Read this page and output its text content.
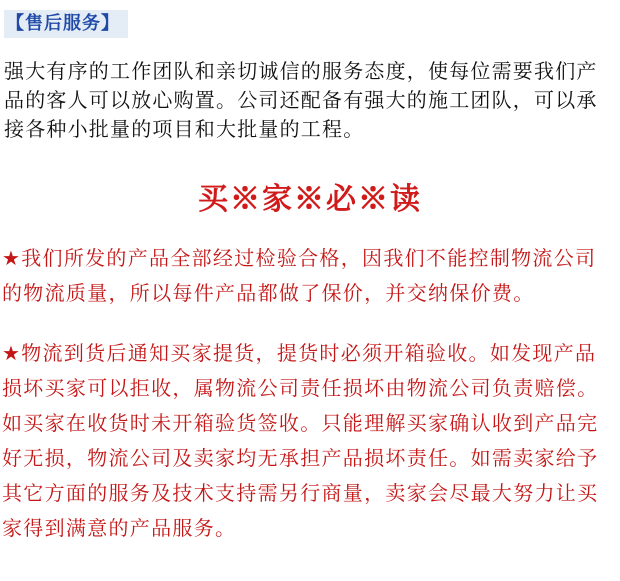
【售后服务】

强大有序的工作团队和亲切诚信的服务态度，使每位需要我们产品的客人可以放心购置。公司还配备有强大的施工团队，可以承接各种小批量的项目和大批量的工程。

买※家※必※读

★我们所发的产品全部经过检验合格，因我们不能控制物流公司的物流质量，所以每件产品都做了保价，并交纳保价费。

★物流到货后通知买家提货，提货时必须开箱验收。如发现产品损坏买家可以拒收，属物流公司责任损坏由物流公司负责赔偿。如买家在收货时未开箱验货签收。只能理解买家确认收到产品完好无损，物流公司及卖家均无承担产品损坏责任。如需卖家给予其它方面的服务及技术支持需另行商量，卖家会尽最大努力让买家得到满意的产品服务。
